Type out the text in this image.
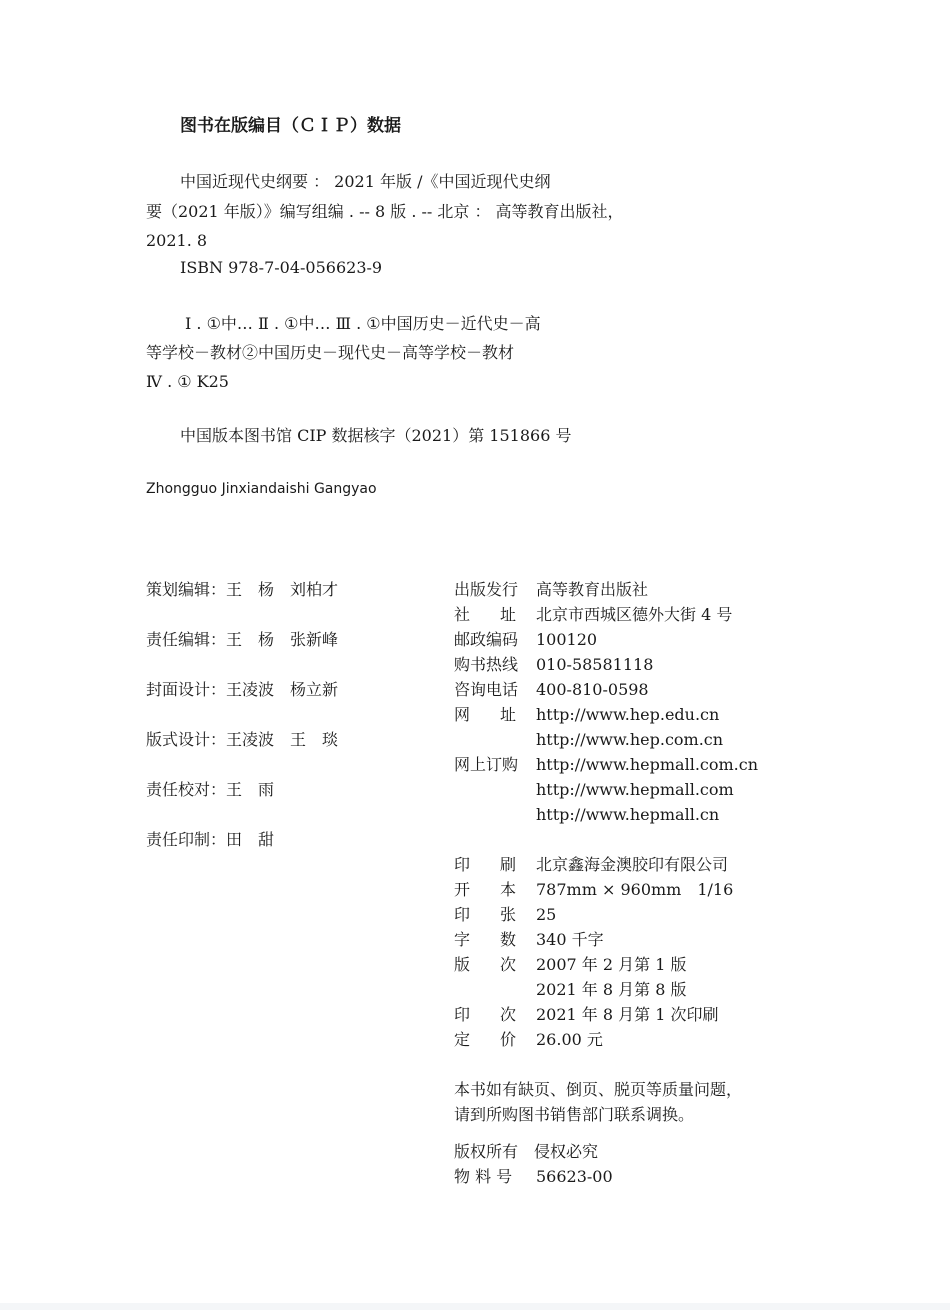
图书在版编目（ＣＩＰ）数据
中国近现代史纲要 ： 2021 年版 /《中国近现代史纲
要（2021 年版）》编写组编 . -- 8 版 . -- 北京 ： 高等教育出版社，
2021. 8
ISBN 978-7-04-056623-9
Ⅰ . ①中… Ⅱ . ①中… Ⅲ . ①中国历史－近代史－高
等学校－教材②中国历史－现代史－高等学校－教材
Ⅳ . ① K25
中国版本图书馆 CIP 数据核字（2021）第 151866 号
Zhongguo Jinxiandaishi Gangyao
策划编辑： 王　杨　刘柏才
责任编辑： 王　杨　张新峰
封面设计： 王凌波　杨立新
版式设计： 王凌波　王　琰
责任校对： 王　雨
责任印制： 田　甜
出版发行 高等教育出版社
社 址 北京市西城区德外大街 4 号
邮政编码 100120
购书热线 010-58581118
咨询电话 400-810-0598
网 址 http://www.hep.edu.cn
http://www.hep.com.cn
网上订购 http://www.hepmall.com.cn
http://www.hepmall.com
http://www.hepmall.cn
印 刷 北京鑫海金澳胶印有限公司
开 本 787mm × 960mm　1/16
印 张 25
字 数 340 千字
版 次 2007 年 2 月第 1 版
2021 年 8 月第 8 版
印 次 2021 年 8 月第 1 次印刷
定 价 26.00 元
本书如有缺页、倒页、脱页等质量问题，
请到所购图书销售部门联系调换。
版权所有　侵权必究
物 料 号 56623-00
